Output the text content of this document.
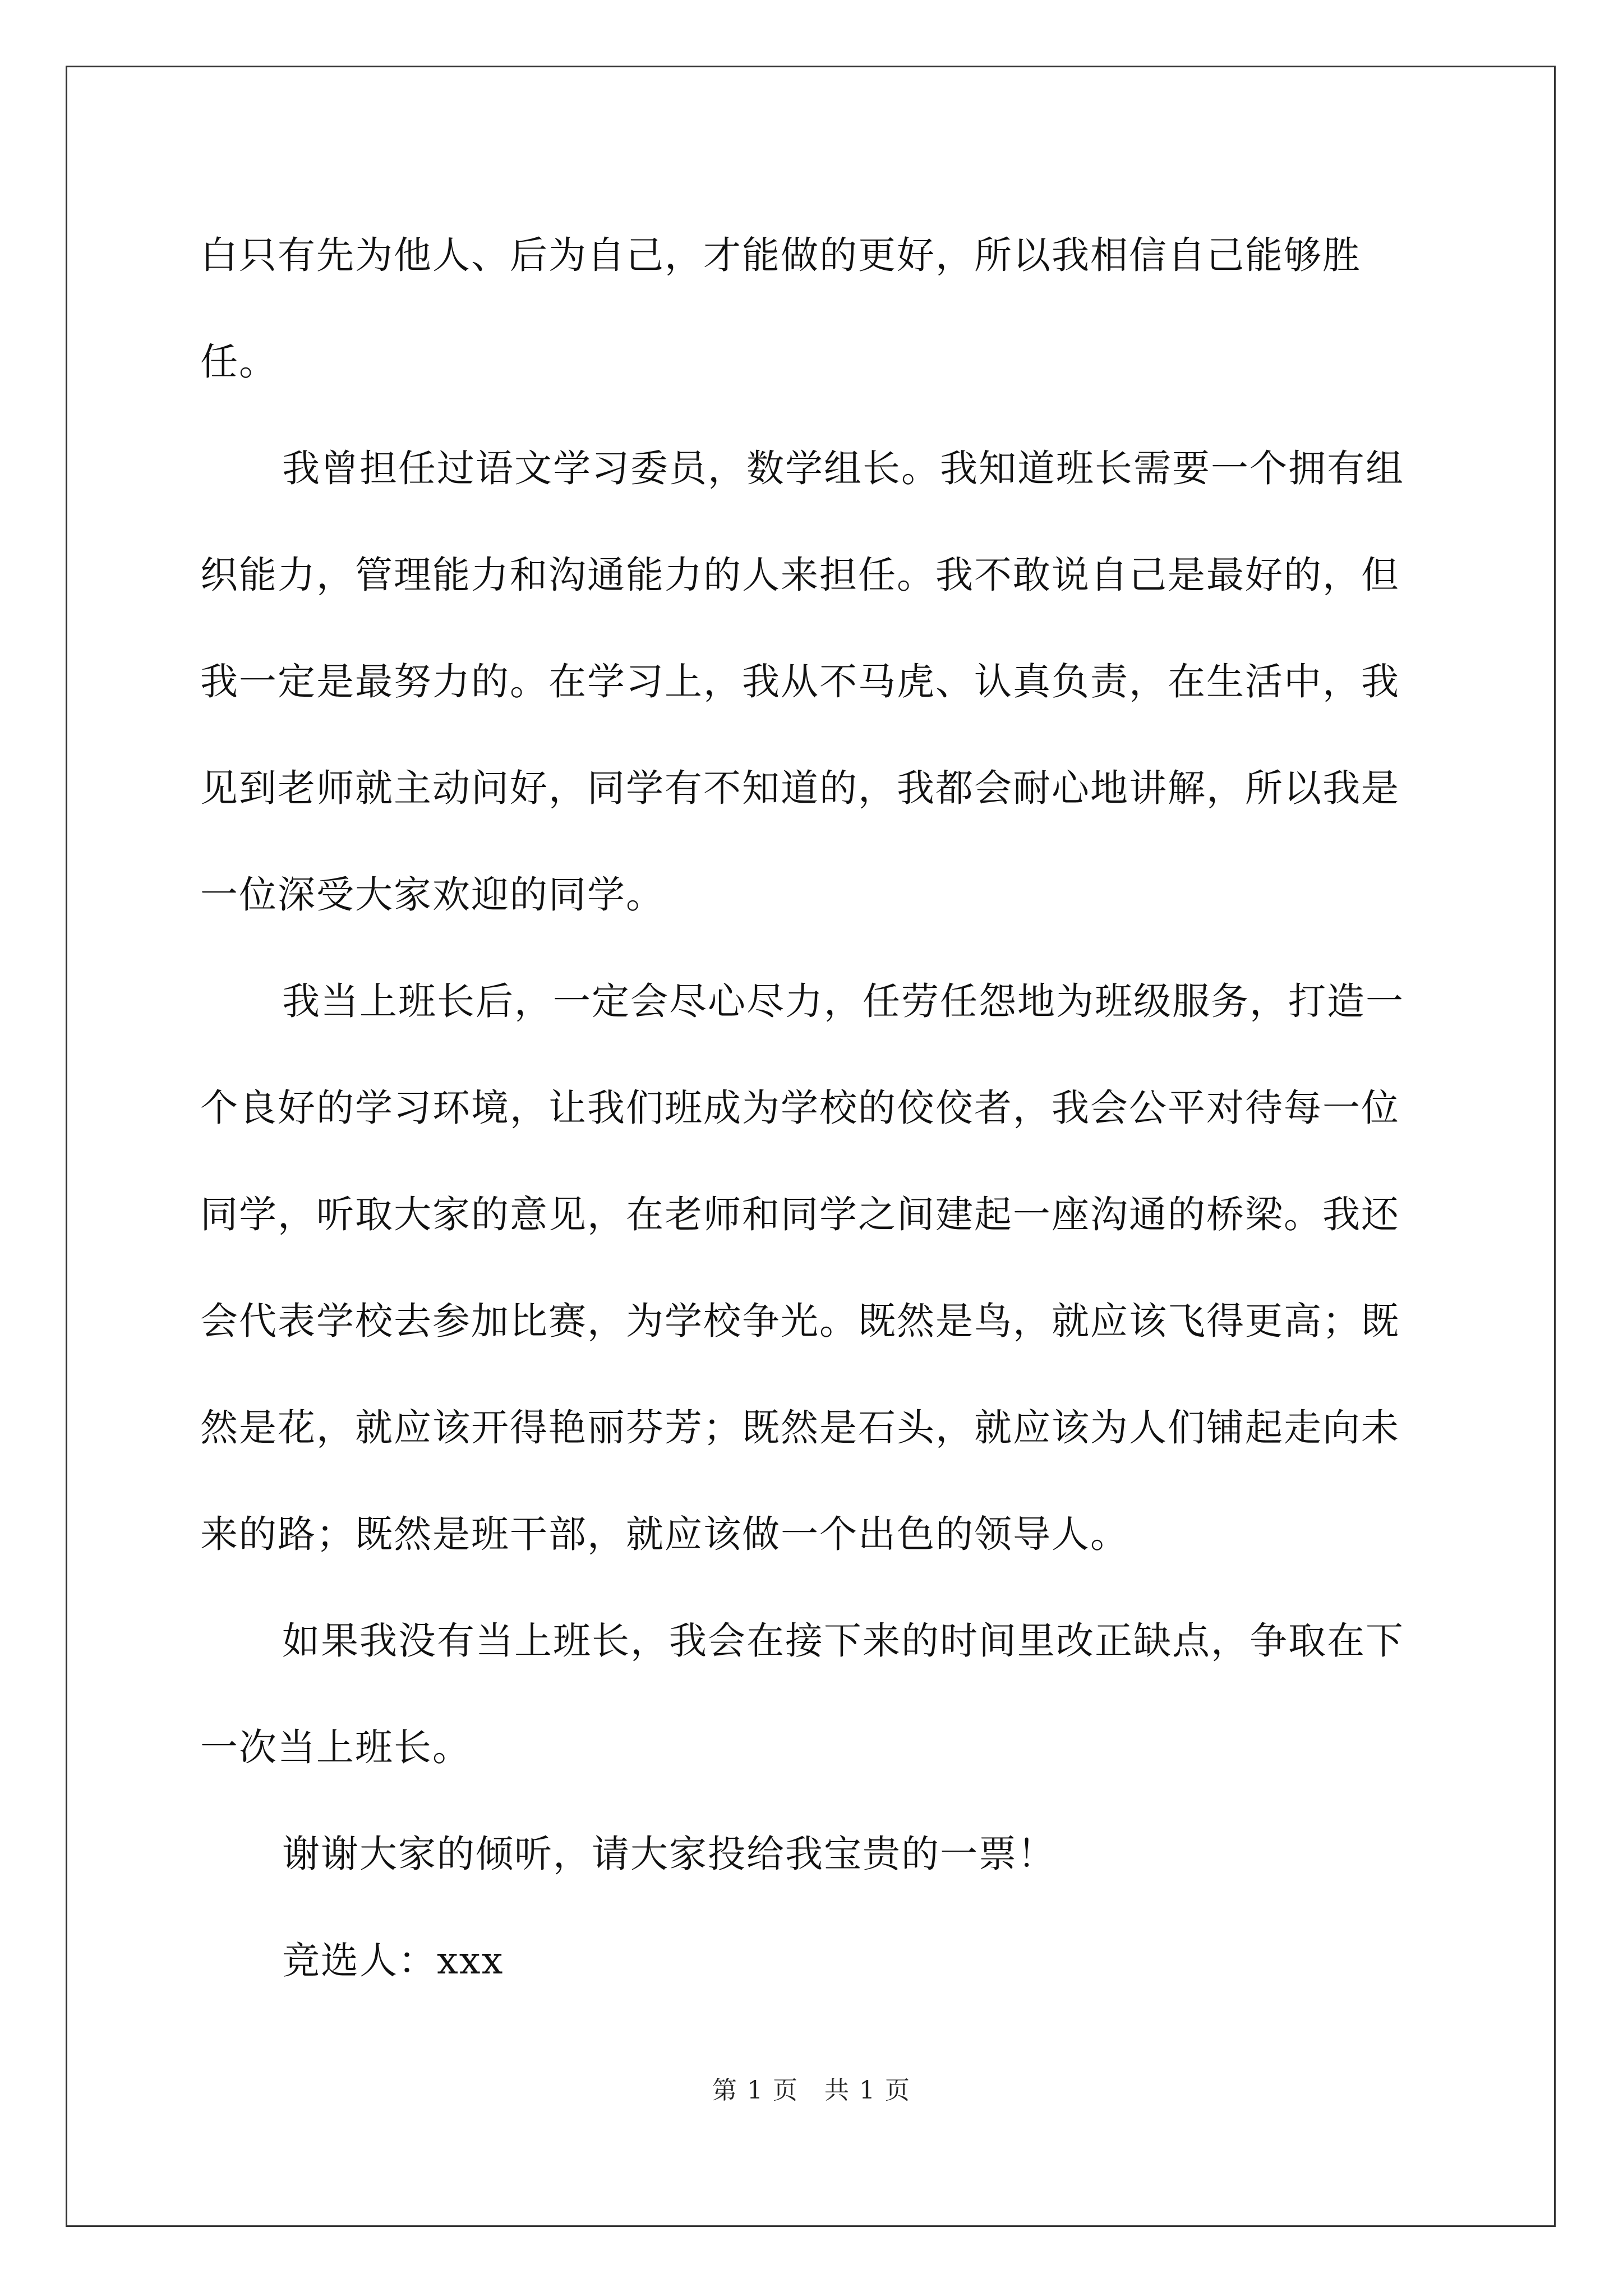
白只有先为他人、后为自己，才能做的更好，所以我相信自己能够胜任。

我曾担任过语文学习委员，数学组长。我知道班长需要一个拥有组织能力，管理能力和沟通能力的人来担任。我不敢说自己是最好的，但我一定是最努力的。在学习上，我从不马虎、认真负责，在生活中，我见到老师就主动问好，同学有不知道的，我都会耐心地讲解，所以我是一位深受大家欢迎的同学。

我当上班长后，一定会尽心尽力，任劳任怨地为班级服务，打造一个良好的学习环境，让我们班成为学校的佼佼者，我会公平对待每一位同学，听取大家的意见，在老师和同学之间建起一座沟通的桥梁。我还会代表学校去参加比赛，为学校争光。既然是鸟，就应该飞得更高；既然是花，就应该开得艳丽芬芳；既然是石头，就应该为人们铺起走向未来的路；既然是班干部，就应该做一个出色的领导人。

如果我没有当上班长，我会在接下来的时间里改正缺点，争取在下一次当上班长。

谢谢大家的倾听，请大家投给我宝贵的一票！

竞选人：xxx

第 1 页　共 1 页
